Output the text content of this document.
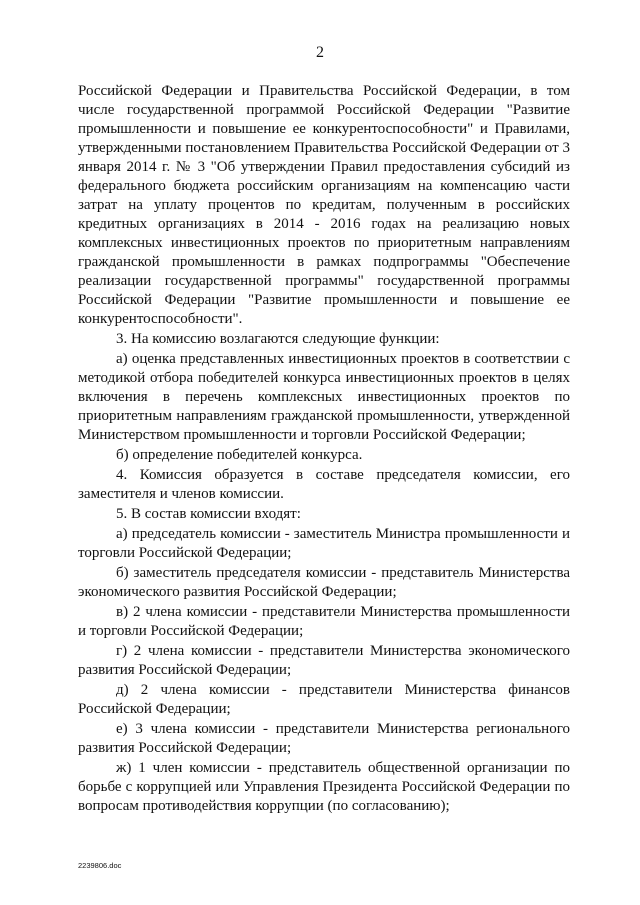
2

Российской Федерации и Правительства Российской Федерации, в том числе государственной программой Российской Федерации "Развитие промышленности и повышение ее конкурентоспособности" и Правилами, утвержденными постановлением Правительства Российской Федерации от 3 января 2014 г. № 3 "Об утверждении Правил предоставления субсидий из федерального бюджета российским организациям на компенсацию части затрат на уплату процентов по кредитам, полученным в российских кредитных организациях в 2014 - 2016 годах на реализацию новых комплексных инвестиционных проектов по приоритетным направлениям гражданской промышленности в рамках подпрограммы "Обеспечение реализации государственной программы" государственной программы Российской Федерации "Развитие промышленности и повышение ее конкурентоспособности".

3. На комиссию возлагаются следующие функции:

а) оценка представленных инвестиционных проектов в соответствии с методикой отбора победителей конкурса инвестиционных проектов в целях включения в перечень комплексных инвестиционных проектов по приоритетным направлениям гражданской промышленности, утвержденной Министерством промышленности и торговли Российской Федерации;

б) определение победителей конкурса.

4. Комиссия образуется в составе председателя комиссии, его заместителя и членов комиссии.

5. В состав комиссии входят:

а) председатель комиссии - заместитель Министра промышленности и торговли Российской Федерации;

б) заместитель председателя комиссии - представитель Министерства экономического развития Российской Федерации;

в) 2 члена комиссии - представители Министерства промышленности и торговли Российской Федерации;

г) 2 члена комиссии - представители Министерства экономического развития Российской Федерации;

д) 2 члена комиссии - представители Министерства финансов Российской Федерации;

е) 3 члена комиссии - представители Министерства регионального развития Российской Федерации;

ж) 1 член комиссии - представитель общественной организации по борьбе с коррупцией или Управления Президента Российской Федерации по вопросам противодействия коррупции (по согласованию);

2239806.doc
